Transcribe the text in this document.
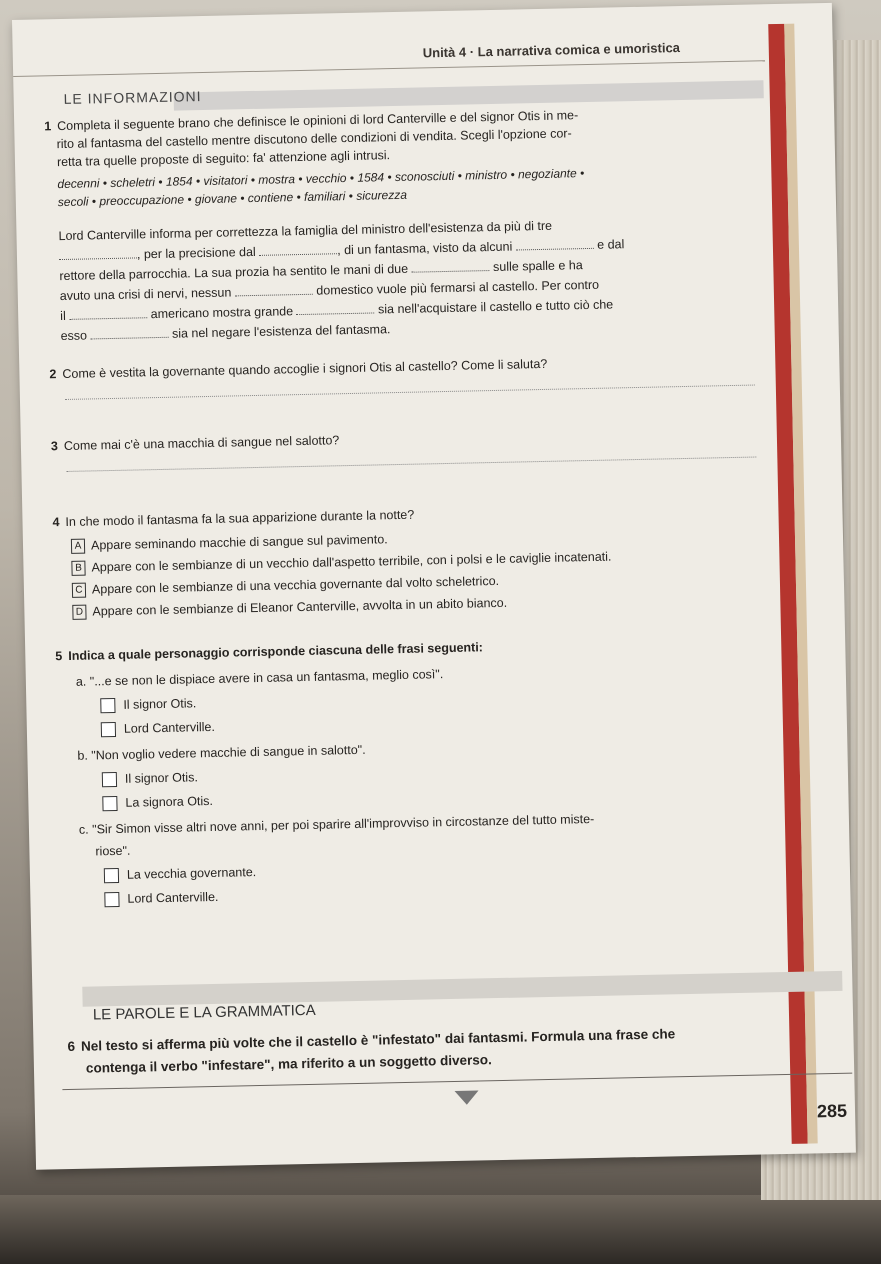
Unità 4 · La narrativa comica e umoristica
LE INFORMAZIONI
1 Completa il seguente brano che definisce le opinioni di lord Canterville e del signor Otis in me-
rito al fantasma del castello mentre discutono delle condizioni di vendita. Scegli l'opzione cor-
retta tra quelle proposte di seguito: fa' attenzione agli intrusi.
decenni • scheletri • 1854 • visitatori • mostra • vecchio • 1584 • sconosciuti • ministro • negoziante •
secoli • preoccupazione • giovane • contiene • familiari • sicurezza
Lord Canterville informa per correttezza la famiglia del ministro dell'esistenza da più di tre
, per la precisione dal	, di un fantasma, visto da alcuni	e dal
rettore della parrocchia. La sua prozia ha sentito le mani di due	sulle spalle e ha
avuto una crisi di nervi, nessun	domestico vuole più fermarsi al castello. Per contro
il	americano mostra grande	sia nell'acquistare il castello e tutto ciò che
esso	sia nel negare l'esistenza del fantasma.
2 Come è vestita la governante quando accoglie i signori Otis al castello? Come li saluta?
3 Come mai c'è una macchia di sangue nel salotto?
4 In che modo il fantasma fa la sua apparizione durante la notte?
A Appare seminando macchie di sangue sul pavimento.
B Appare con le sembianze di un vecchio dall'aspetto terribile, con i polsi e le caviglie incatenati.
C Appare con le sembianze di una vecchia governante dal volto scheletrico.
D Appare con le sembianze di Eleanor Canterville, avvolta in un abito bianco.
5 Indica a quale personaggio corrisponde ciascuna delle frasi seguenti:
a. "...e se non le dispiace avere in casa un fantasma, meglio così".
Il signor Otis.
Lord Canterville.
b. "Non voglio vedere macchie di sangue in salotto".
Il signor Otis.
La signora Otis.
c. "Sir Simon visse altri nove anni, per poi sparire all'improvviso in circostanze del tutto miste-
riose".
La vecchia governante.
Lord Canterville.
LE PAROLE E LA GRAMMATICA
6 Nel testo si afferma più volte che il castello è "infestato" dai fantasmi. Formula una frase che
contenga il verbo "infestare", ma riferito a un soggetto diverso.
285
